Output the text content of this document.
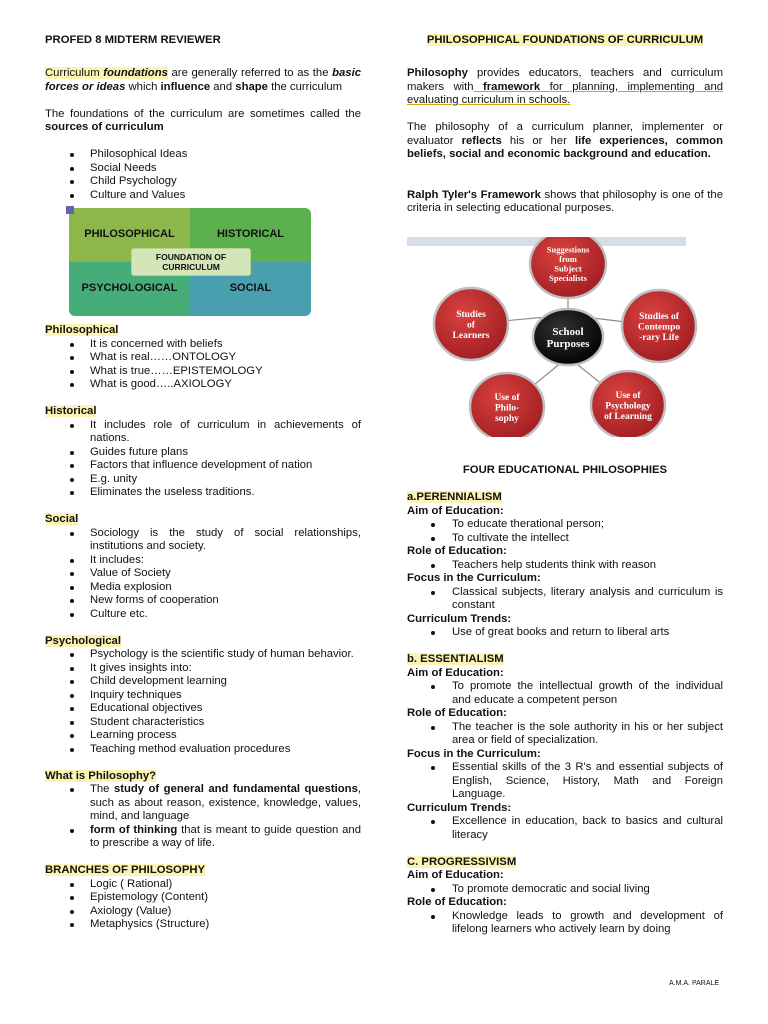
PROFED 8 MIDTERM REVIEWER

Curriculum foundations are generally referred to as the basic forces or ideas which influence and shape the curriculum

The foundations of the curriculum are sometimes called the sources of curriculum

Philosophical Ideas
Social Needs
Child Psychology
Culture and Values
PHILOSOPHICAL	HISTORICAL
PSYCHOLOGICAL	SOCIAL
FOUNDATION OF CURRICULUM

Philosophical

It is concerned with beliefs
What is real……ONTOLOGY
What is true……EPISTEMOLOGY
What is good…..AXIOLOGY

Historical

It includes role of curriculum in achievements of nations.
Guides future plans
Factors that influence development of nation
E.g. unity
Eliminates the useless traditions.

Social

Sociology is the study of social relationships, institutions and society.
It includes:
Value of Society
Media explosion
New forms of cooperation
Culture etc.

Psychological

Psychology is the scientific study of human behavior.
It gives insights into:
Child development learning
Inquiry techniques
Educational objectives
Student characteristics
Learning process
Teaching method evaluation procedures

What is Philosophy?

The study of general and fundamental questions, such as about reason, existence, knowledge, values, mind, and language
form of thinking that is meant to guide question and to prescribe a way of life.

BRANCHES OF PHILOSOPHY

Logic ( Rational)
Epistemology (Content)
Axiology (Value)
Metaphysics (Structure)

PHILOSOPHICAL FOUNDATIONS OF CURRICULUM

Philosophy provides educators, teachers and curriculum makers with framework for planning, implementing and evaluating curriculum in schools.

The philosophy of a curriculum planner, implementer or evaluator reflects his or her life experiences, common beliefs, social and economic background and education.

Ralph Tyler's Framework shows that philosophy is one of the criteria in selecting educational purposes.

Suggestions
from
Subject
Specialists
Studies of
Contempo
-rary Life
Use of
Psychology
of Learning
Use of
Philo-
sophy
Studies
of
Learners	School
Purposes

FOUR EDUCATIONAL PHILOSOPHIES

a.PERENNIALISM

Aim of Education:

To educate therational person;
To cultivate the intellect

Role of Education:

Teachers help students think with reason

Focus in the Curriculum:

Classical subjects, literary analysis and curriculum is constant

Curriculum Trends:

Use of great books and return to liberal arts

b. ESSENTIALISM

Aim of Education:

To promote the intellectual growth of the individual and educate a competent person

Role of Education:

The teacher is the sole authority in his or her subject area or field of specialization.

Focus in the Curriculum:

Essential skills of the 3 R's and essential subjects of English, Science, History, Math and Foreign Language.

Curriculum Trends:

Excellence in education, back to basics and cultural literacy

C. PROGRESSIVISM

Aim of Education:

To promote democratic and social living

Role of Education:

Knowledge leads to growth and development of lifelong learners who actively learn by doing
A.M.A. PARALE
